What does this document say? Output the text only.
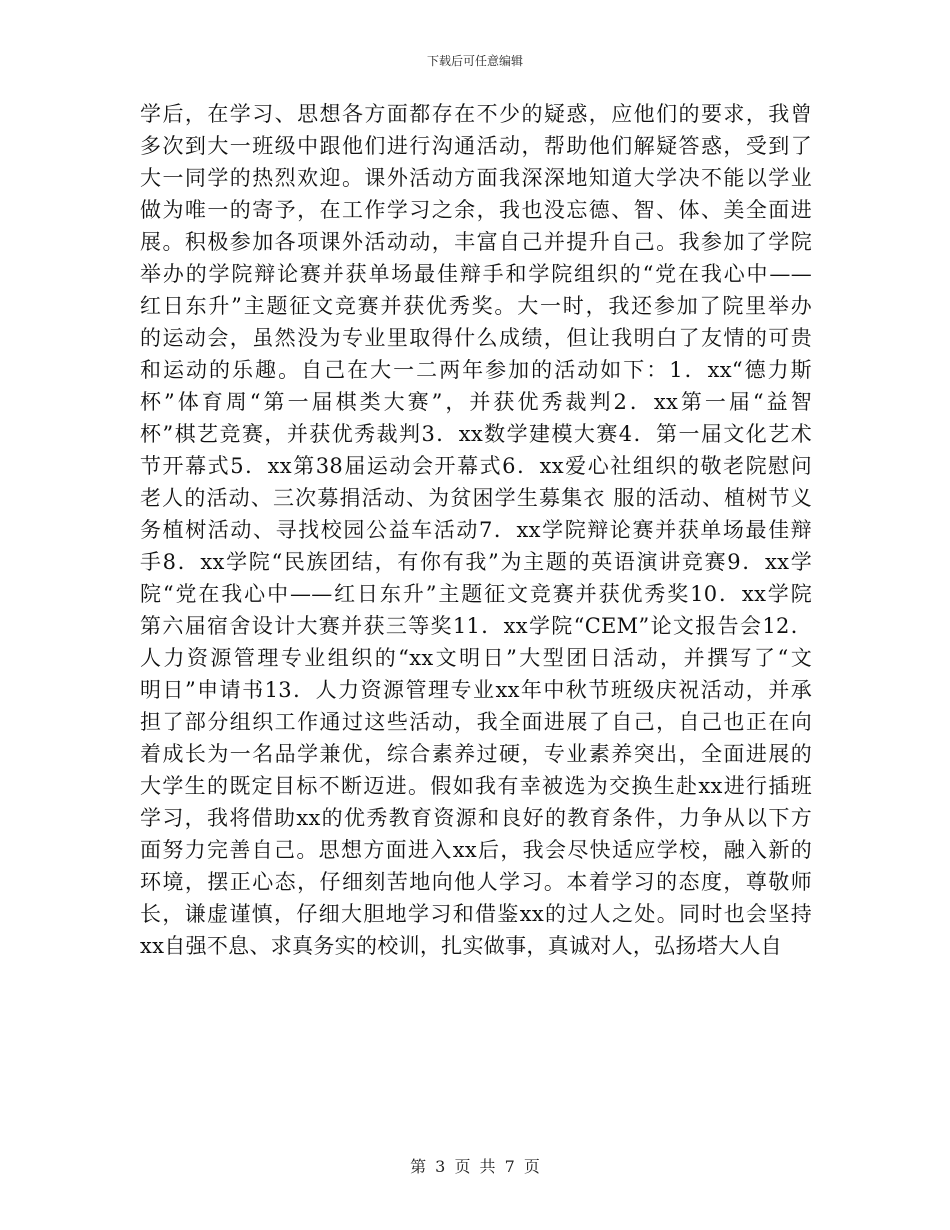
下载后可任意编辑
学后，在学习、思想各方面都存在不少的疑惑，应他们的要求，我曾
多次到大一班级中跟他们进行沟通活动，帮助他们解疑答惑，受到了
大一同学的热烈欢迎。课外活动方面我深深地知道大学决不能以学业
做为唯一的寄予，在工作学习之余，我也没忘德、智、体、美全面进
展。积极参加各项课外活动动，丰富自己并提升自己。我参加了学院
举办的学院辩论赛并获单场最佳辩手和学院组织的“党在我心中——
红日东升”主题征文竞赛并获优秀奖。大一时，我还参加了院里举办
的运动会，虽然没为专业里取得什么成绩，但让我明白了友情的可贵
和运动的乐趣。自己在大一二两年参加的活动如下：1．xx“德力斯
杯”体育周“第一届棋类大赛”，并获优秀裁判2．xx第一届“益智
杯”棋艺竞赛，并获优秀裁判3．xx数学建模大赛4．第一届文化艺术
节开幕式5．xx第38届运动会开幕式6．xx爱心社组织的敬老院慰问
老人的活动、三次募捐活动、为贫困学生募集衣 服的活动、植树节义
务植树活动、寻找校园公益车活动7．xx学院辩论赛并获单场最佳辩
手8．xx学院“民族团结，有你有我”为主题的英语演讲竞赛9．xx学
院“党在我心中——红日东升”主题征文竞赛并获优秀奖10．xx学院
第六届宿舍设计大赛并获三等奖11．xx学院“CEM”论文报告会12．
人力资源管理专业组织的“xx文明日”大型团日活动，并撰写了“文
明日”申请书13．人力资源管理专业xx年中秋节班级庆祝活动，并承
担了部分组织工作通过这些活动，我全面进展了自己，自己也正在向
着成长为一名品学兼优，综合素养过硬，专业素养突出，全面进展的
大学生的既定目标不断迈进。假如我有幸被选为交换生赴xx进行插班
学习，我将借助xx的优秀教育资源和良好的教育条件，力争从以下方
面努力完善自己。思想方面进入xx后，我会尽快适应学校，融入新的
环境，摆正心态，仔细刻苦地向他人学习。本着学习的态度，尊敬师
长，谦虚谨慎，仔细大胆地学习和借鉴xx的过人之处。同时也会坚持
xx自强不息、求真务实的校训，扎实做事，真诚对人，弘扬塔大人自
第 3 页 共 7 页
